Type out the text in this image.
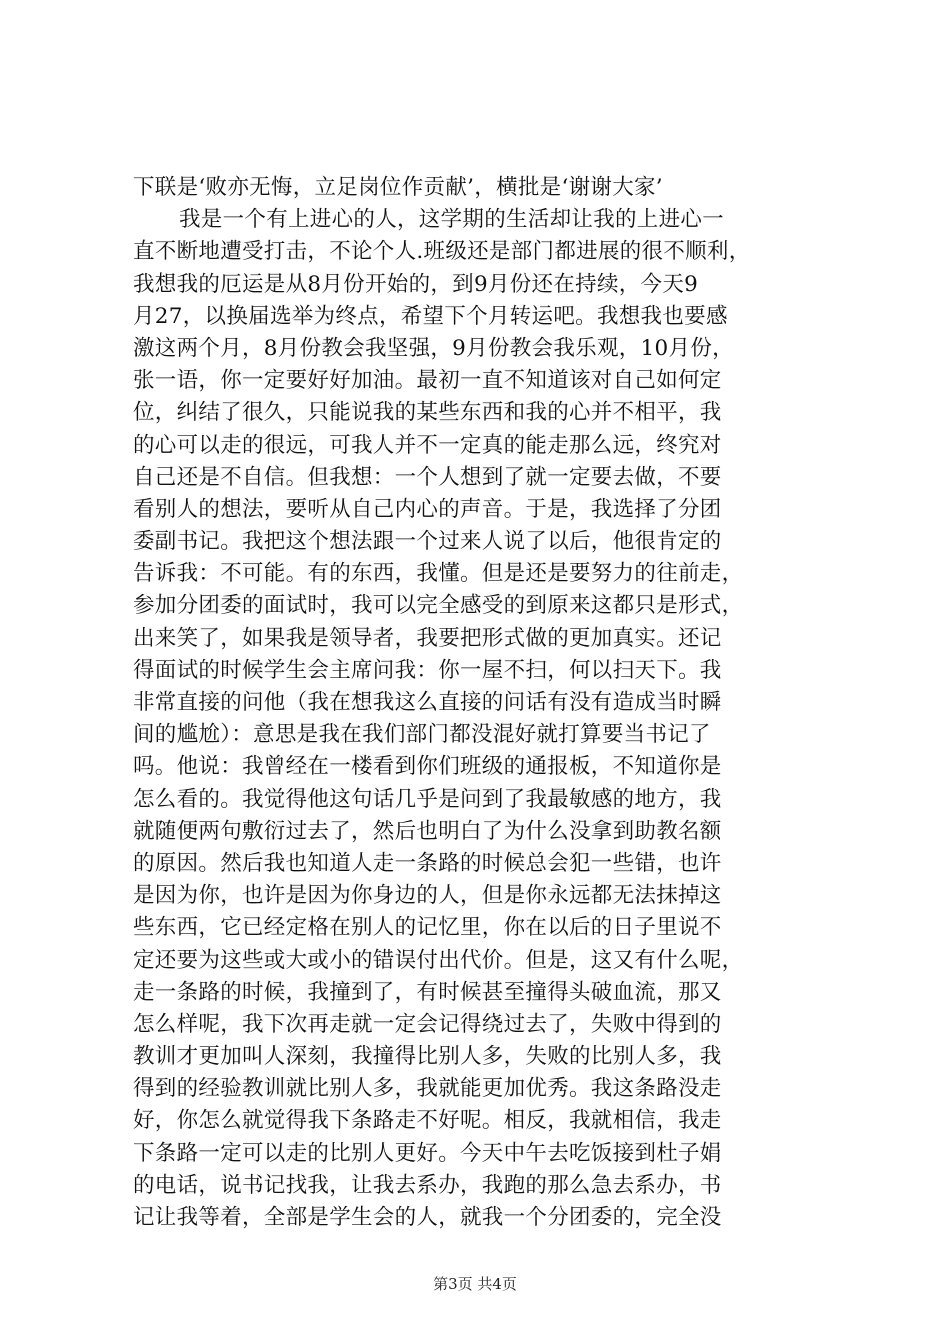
下联是‘败亦无悔，立足岗位作贡献’，横批是‘谢谢大家’
我是一个有上进心的人，这学期的生活却让我的上进心一
直不断地遭受打击，不论个人.班级还是部门都进展的很不顺利，
我想我的厄运是从8月份开始的，到9月份还在持续，今天9
月27，以换届选举为终点，希望下个月转运吧。我想我也要感
激这两个月，8月份教会我坚强，9月份教会我乐观，10月份，
张一语，你一定要好好加油。最初一直不知道该对自己如何定
位，纠结了很久，只能说我的某些东西和我的心并不相平，我
的心可以走的很远，可我人并不一定真的能走那么远，终究对
自己还是不自信。但我想：一个人想到了就一定要去做，不要
看别人的想法，要听从自己内心的声音。于是，我选择了分团
委副书记。我把这个想法跟一个过来人说了以后，他很肯定的
告诉我：不可能。有的东西，我懂。但是还是要努力的往前走，
参加分团委的面试时，我可以完全感受的到原来这都只是形式，
出来笑了，如果我是领导者，我要把形式做的更加真实。还记
得面试的时候学生会主席问我：你一屋不扫，何以扫天下。我
非常直接的问他（我在想我这么直接的问话有没有造成当时瞬
间的尴尬）：意思是我在我们部门都没混好就打算要当书记了
吗。他说：我曾经在一楼看到你们班级的通报板，不知道你是
怎么看的。我觉得他这句话几乎是问到了我最敏感的地方，我
就随便两句敷衍过去了，然后也明白了为什么没拿到助教名额
的原因。然后我也知道人走一条路的时候总会犯一些错，也许
是因为你，也许是因为你身边的人，但是你永远都无法抹掉这
些东西，它已经定格在别人的记忆里，你在以后的日子里说不
定还要为这些或大或小的错误付出代价。但是，这又有什么呢，
走一条路的时候，我撞到了，有时候甚至撞得头破血流，那又
怎么样呢，我下次再走就一定会记得绕过去了，失败中得到的
教训才更加叫人深刻，我撞得比别人多，失败的比别人多，我
得到的经验教训就比别人多，我就能更加优秀。我这条路没走
好，你怎么就觉得我下条路走不好呢。相反，我就相信，我走
下条路一定可以走的比别人更好。今天中午去吃饭接到杜子娟
的电话，说书记找我，让我去系办，我跑的那么急去系办，书
记让我等着，全部是学生会的人，就我一个分团委的，完全没
第3页 共4页
